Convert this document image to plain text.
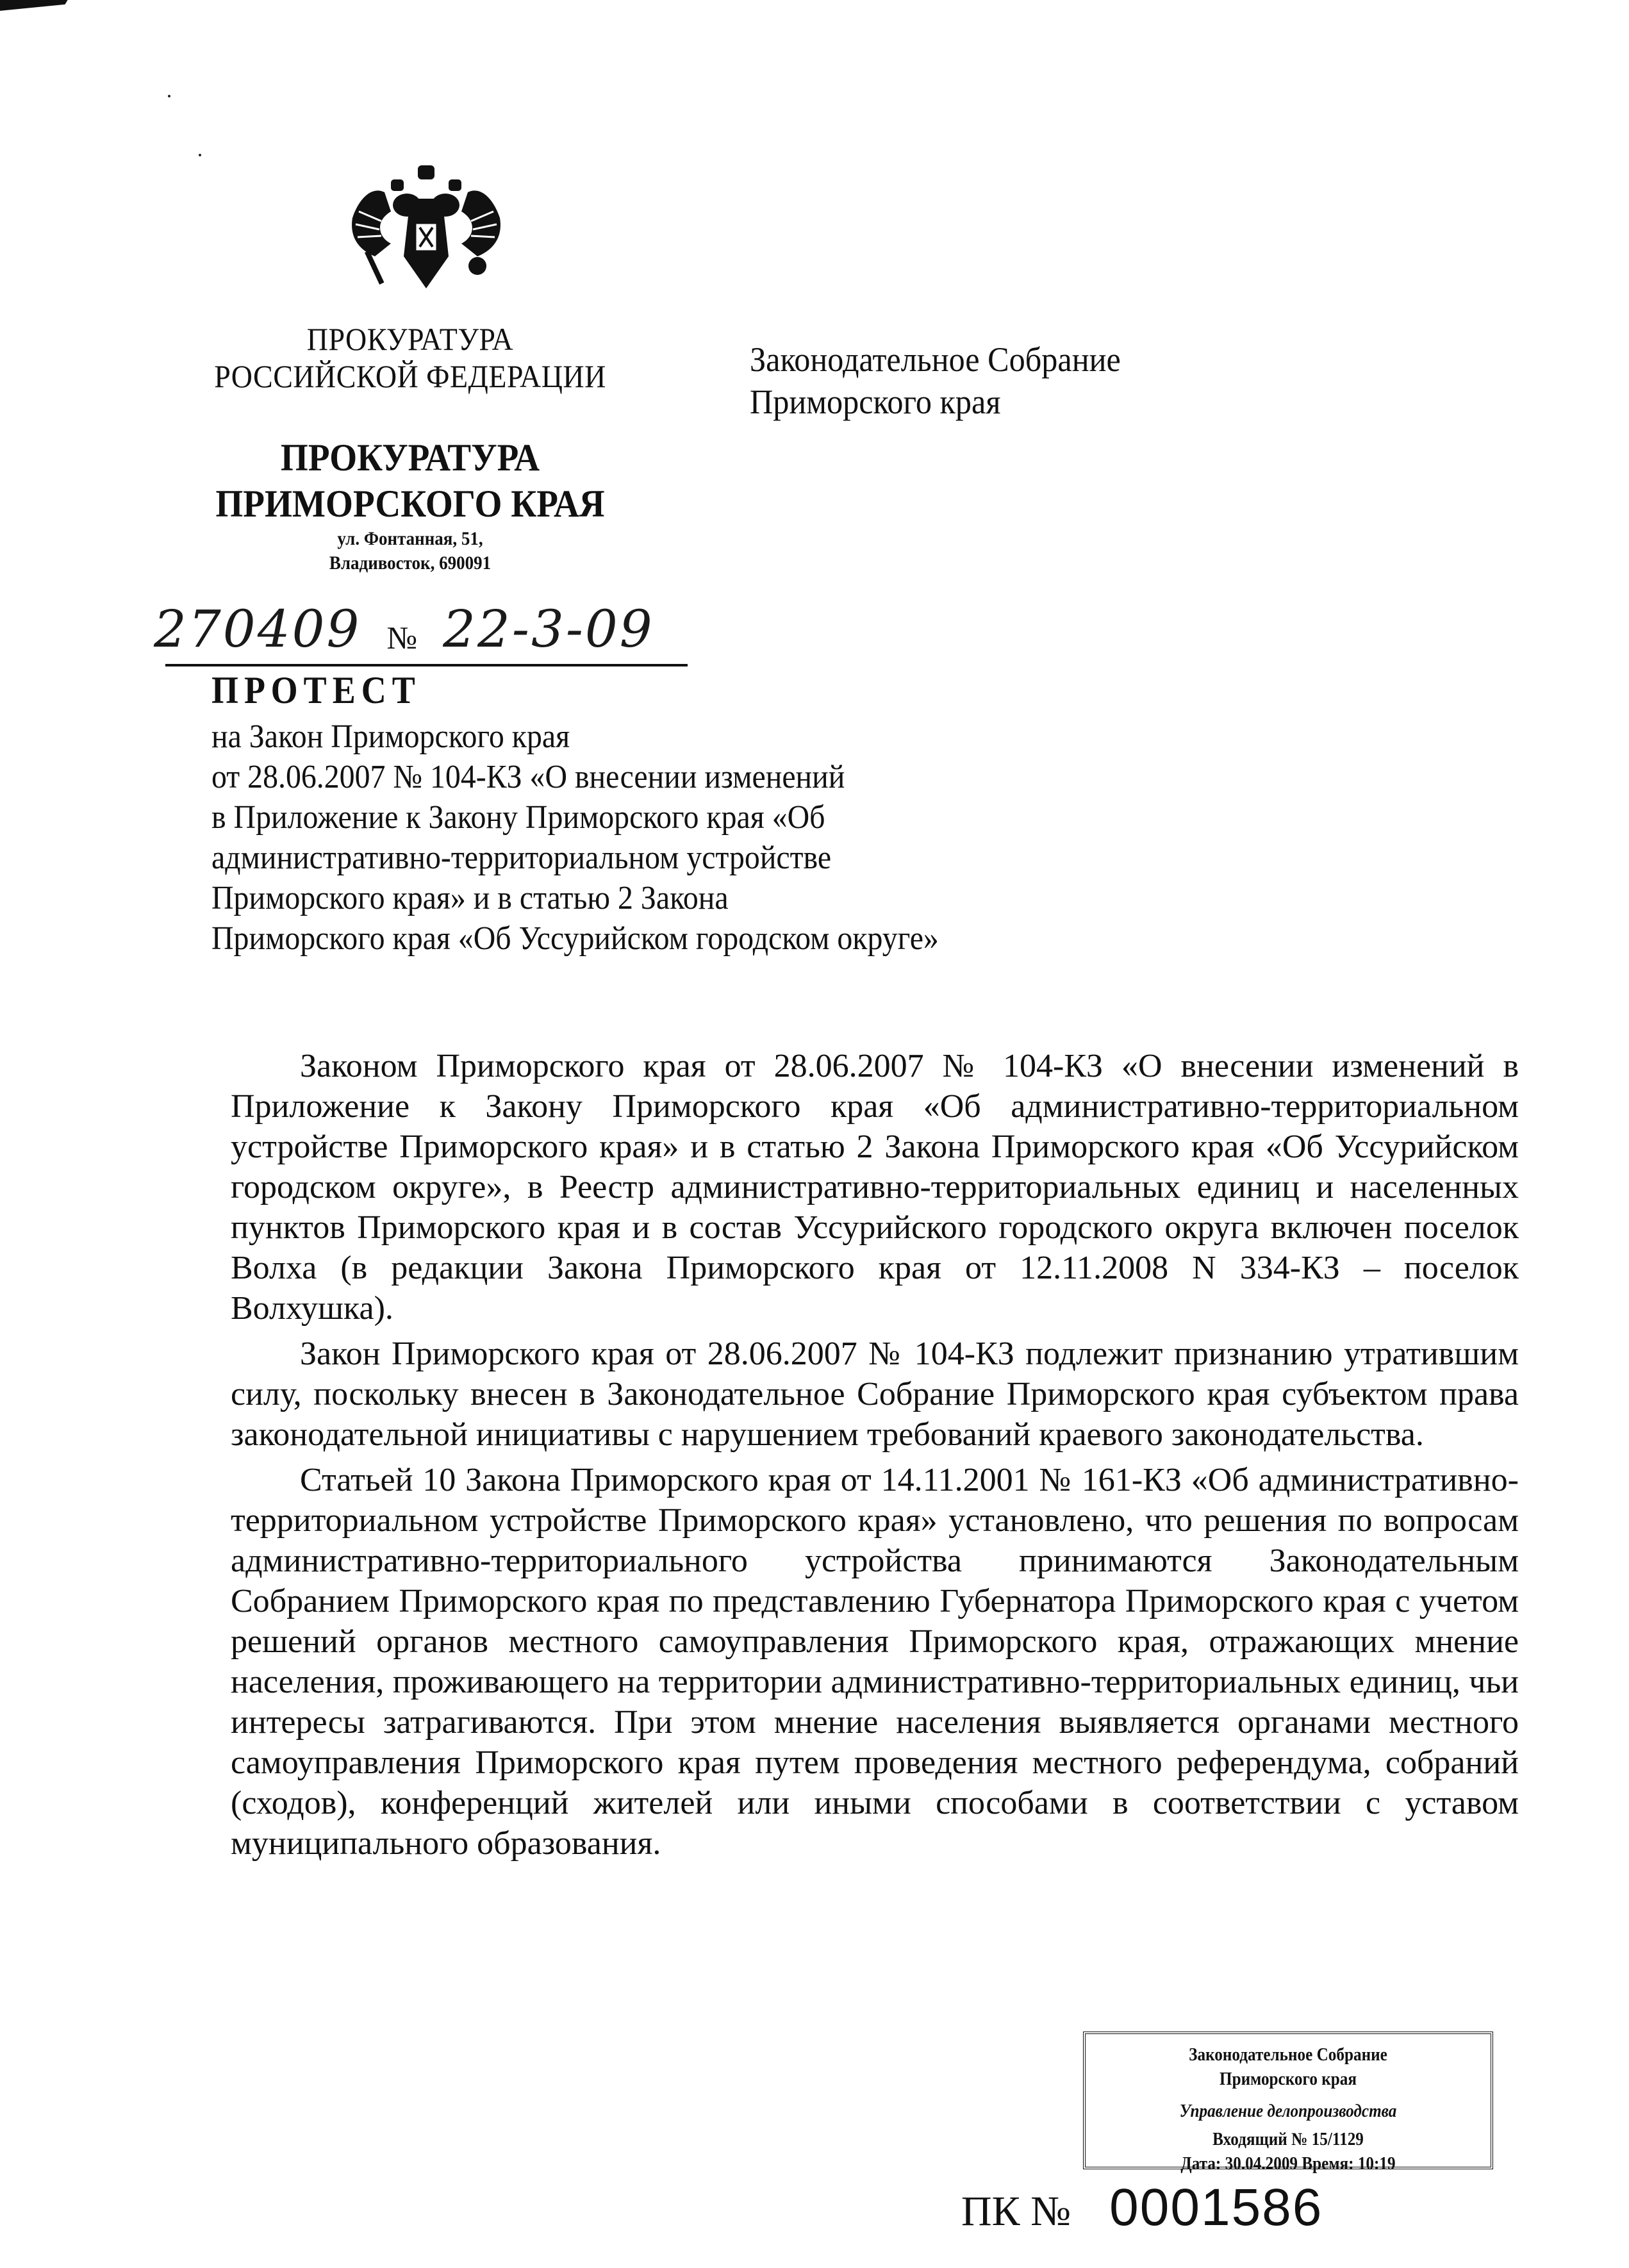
ПРОКУРАТУРА
РОССИЙСКОЙ ФЕДЕРАЦИИ
ПРОКУРАТУРА
ПРИМОРСКОГО КРАЯ
ул. Фонтанная, 51,
Владивосток, 690091
Законодательное Собрание
Приморского края
270409 № 22-3-09
ПРОТЕСТ
на Закон Приморского края
от 28.06.2007 № 104-КЗ «О внесении изменений
в Приложение к Закону Приморского края «Об
административно-территориальном устройстве
Приморского края» и в статью 2 Закона
Приморского края «Об Уссурийском городском округе»

Законом Приморского края от 28.06.2007 № 104-КЗ «О внесении изменений в Приложение к Закону Приморского края «Об административно-территориальном устройстве Приморского края» и в статью 2 Закона Приморского края «Об Уссурийском городском округе», в Реестр административно-территориальных единиц и населенных пунктов Приморского края и в состав Уссурийского городского округа включен поселок Волха (в редакции Закона Приморского края от 12.11.2008 N 334-КЗ – поселок Волхушка).

Закон Приморского края от 28.06.2007 № 104-КЗ подлежит признанию утратившим силу, поскольку внесен в Законодательное Собрание Приморского края субъектом права законодательной инициативы с нарушением требований краевого законодательства.

Статьей 10 Закона Приморского края от 14.11.2001 № 161-КЗ «Об административно-территориальном устройстве Приморского края» установлено, что решения по вопросам административно-территориального устройства принимаются Законодательным Собранием Приморского края по представлению Губернатора Приморского края с учетом решений органов местного самоуправления Приморского края, отражающих мнение населения, проживающего на территории административно-территориальных единиц, чьи интересы затрагиваются. При этом мнение населения выявляется органами местного самоуправления Приморского края путем проведения местного референдума, собраний (сходов), конференций жителей или иными способами в соответствии с уставом муниципального образования.

Законодательное Собрание
Приморского края
Управление делопроизводства
Входящий № 15/1129
Дата: 30.04.2009 Время: 10:19
ПК № 0001586
